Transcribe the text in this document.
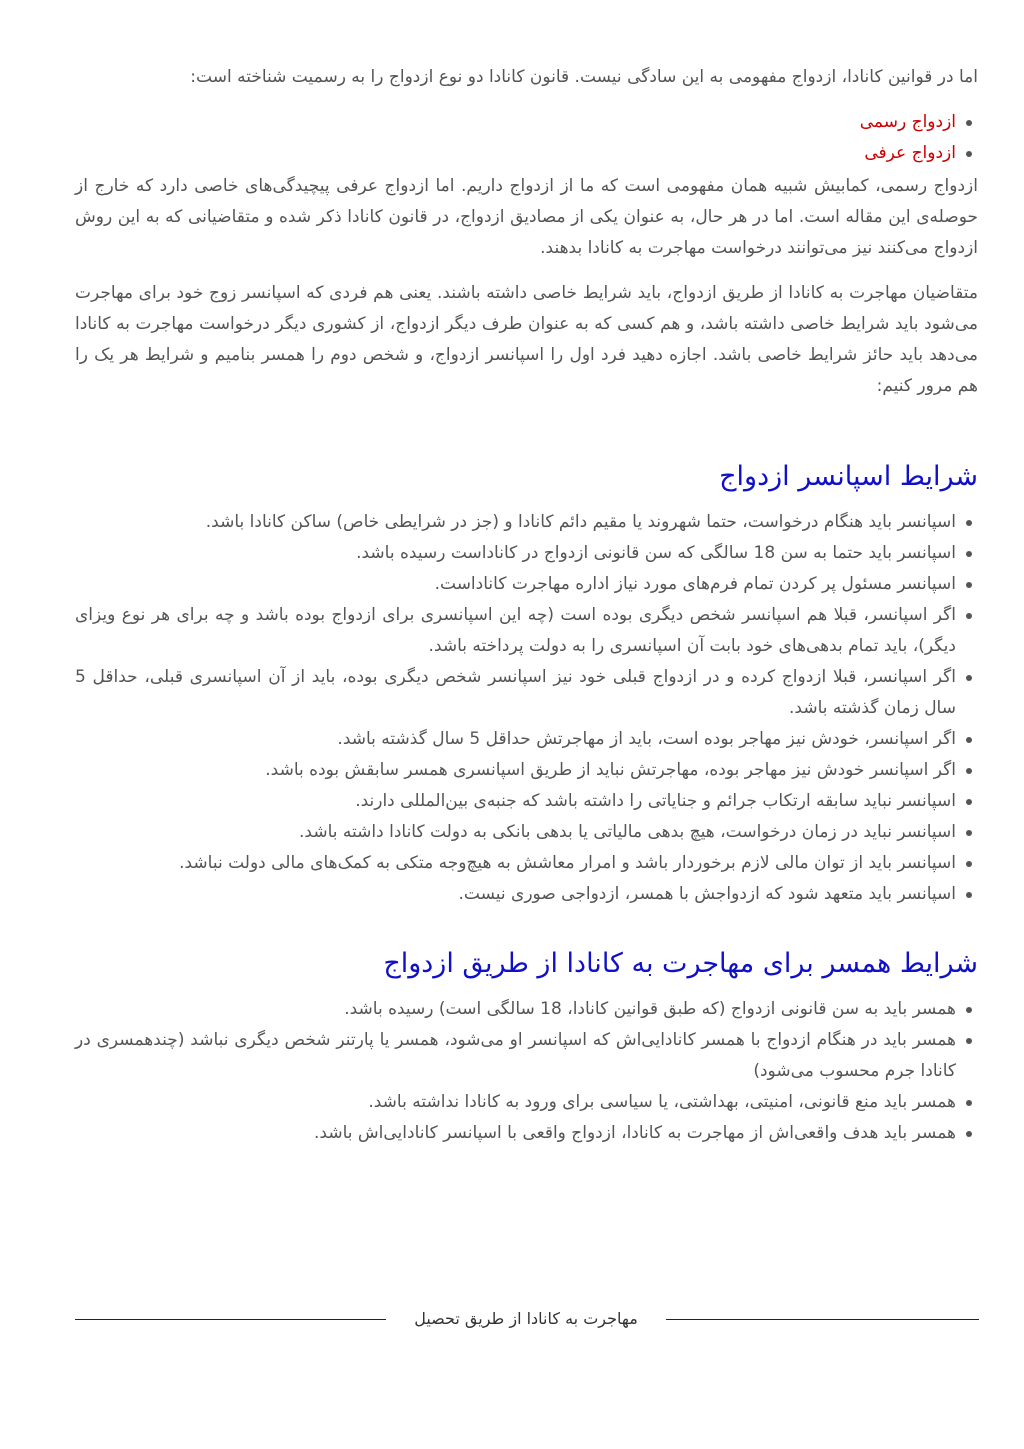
اما در قوانین کانادا، ازدواج مفهومی به این سادگی نیست. قانون کانادا دو نوع ازدواج را به رسمیت شناخته است:

ازدواج رسمی
ازدواج عرفی

ازدواج رسمی، کمابیش شبیه همان مفهومی است که ما از ازدواج داریم. اما ازدواج عرفی پیچیدگی‌های خاصی دارد که خارج از حوصله‌ی این مقاله است. اما در هر حال، به عنوان یکی از مصادیق ازدواج، در قانون کانادا ذکر شده و متقاضیانی که به این روش ازدواج می‌کنند نیز می‌توانند درخواست مهاجرت به کانادا بدهند.

متقاضیان مهاجرت به کانادا از طریق ازدواج، باید شرایط خاصی داشته باشند. یعنی هم فردی که اسپانسر زوج خود برای مهاجرت می‌شود باید شرایط خاصی داشته باشد، و هم کسی که به عنوان طرف دیگر ازدواج، از کشوری دیگر درخواست مهاجرت به کانادا می‌دهد باید حائز شرایط خاصی باشد. اجازه دهید فرد اول را اسپانسر ازدواج، و شخص دوم را همسر بنامیم و شرایط هر یک را هم مرور کنیم:

شرایط اسپانسر ازدواج
اسپانسر باید هنگام درخواست، حتما شهروند یا مقیم دائم کانادا و (جز در شرایطی خاص) ساکن کانادا باشد.
اسپانسر باید حتما به سن 18 سالگی که سن قانونی ازدواج در کاناداست رسیده باشد.
اسپانسر مسئول پر کردن تمام فرم‌های مورد نیاز اداره مهاجرت کاناداست.
اگر اسپانسر، قبلا هم اسپانسر شخص دیگری بوده است (چه این اسپانسری برای ازدواج بوده باشد و چه برای هر نوع ویزای دیگر)، باید تمام بدهی‌های خود بابت آن اسپانسری را به دولت پرداخته باشد.
اگر اسپانسر، قبلا ازدواج کرده و در ازدواج قبلی خود نیز اسپانسر شخص دیگری بوده، باید از آن اسپانسری قبلی، حداقل 5 سال زمان گذشته باشد.
اگر اسپانسر، خودش نیز مهاجر بوده است، باید از مهاجرتش حداقل 5 سال گذشته باشد.
اگر اسپانسر خودش نیز مهاجر بوده، مهاجرتش نباید از طریق اسپانسری همسر سابقش بوده باشد.
اسپانسر نباید سابقه ارتکاب جرائم و جنایاتی را داشته باشد که جنبه‌ی بین‌المللی دارند.
اسپانسر نباید در زمان درخواست، هیچ بدهی مالیاتی یا بدهی بانکی به دولت کانادا داشته باشد.
اسپانسر باید از توان مالی لازم برخوردار باشد و امرار معاشش به هیچ‌وجه متکی به کمک‌های مالی دولت نباشد.
اسپانسر باید متعهد شود که ازدواجش با همسر، ازدواجی صوری نیست.
شرایط همسر برای مهاجرت به کانادا از طریق ازدواج
همسر باید به سن قانونی ازدواج (که طبق قوانین کانادا، 18 سالگی است) رسیده باشد.
همسر باید در هنگام ازدواج با همسر کانادایی‌اش که اسپانسر او می‌شود، همسر یا پارتنر شخص دیگری نباشد (چندهمسری در کانادا جرم محسوب می‌شود)
همسر باید منع قانونی، امنیتی، بهداشتی، یا سیاسی برای ورود به کانادا نداشته باشد.
همسر باید هدف واقعی‌اش از مهاجرت به کانادا، ازدواج واقعی با اسپانسر کانادایی‌اش باشد.
مهاجرت به کانادا از طریق تحصیل
